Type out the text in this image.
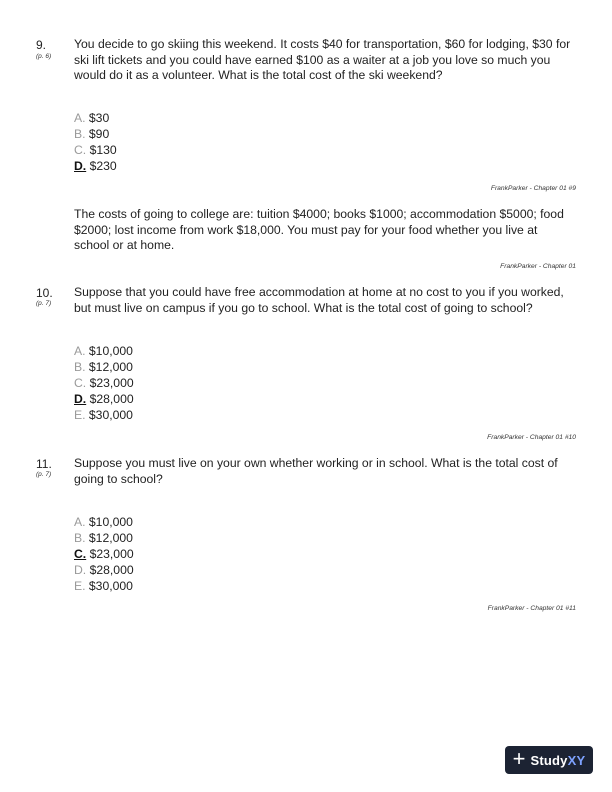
9.
(p. 6)
You decide to go skiing this weekend. It costs $40 for transportation, $60 for lodging, $30 for ski lift tickets and you could have earned $100 as a waiter at a job you love so much you would do it as a volunteer. What is the total cost of the ski weekend?
A. $30
B. $90
C. $130
D. $230
FrankParker - Chapter 01 #9
The costs of going to college are: tuition $4000; books $1000; accommodation $5000; food $2000; lost income from work $18,000. You must pay for your food whether you live at school or at home.
FrankParker - Chapter 01
10.
(p. 7)
Suppose that you could have free accommodation at home at no cost to you if you worked, but must live on campus if you go to school. What is the total cost of going to school?
A. $10,000
B. $12,000
C. $23,000
D. $28,000
E. $30,000
FrankParker - Chapter 01 #10
11.
(p. 7)
Suppose you must live on your own whether working or in school. What is the total cost of going to school?
A. $10,000
B. $12,000
C. $23,000
D. $28,000
E. $30,000
FrankParker - Chapter 01 #11
+ StudyXY
